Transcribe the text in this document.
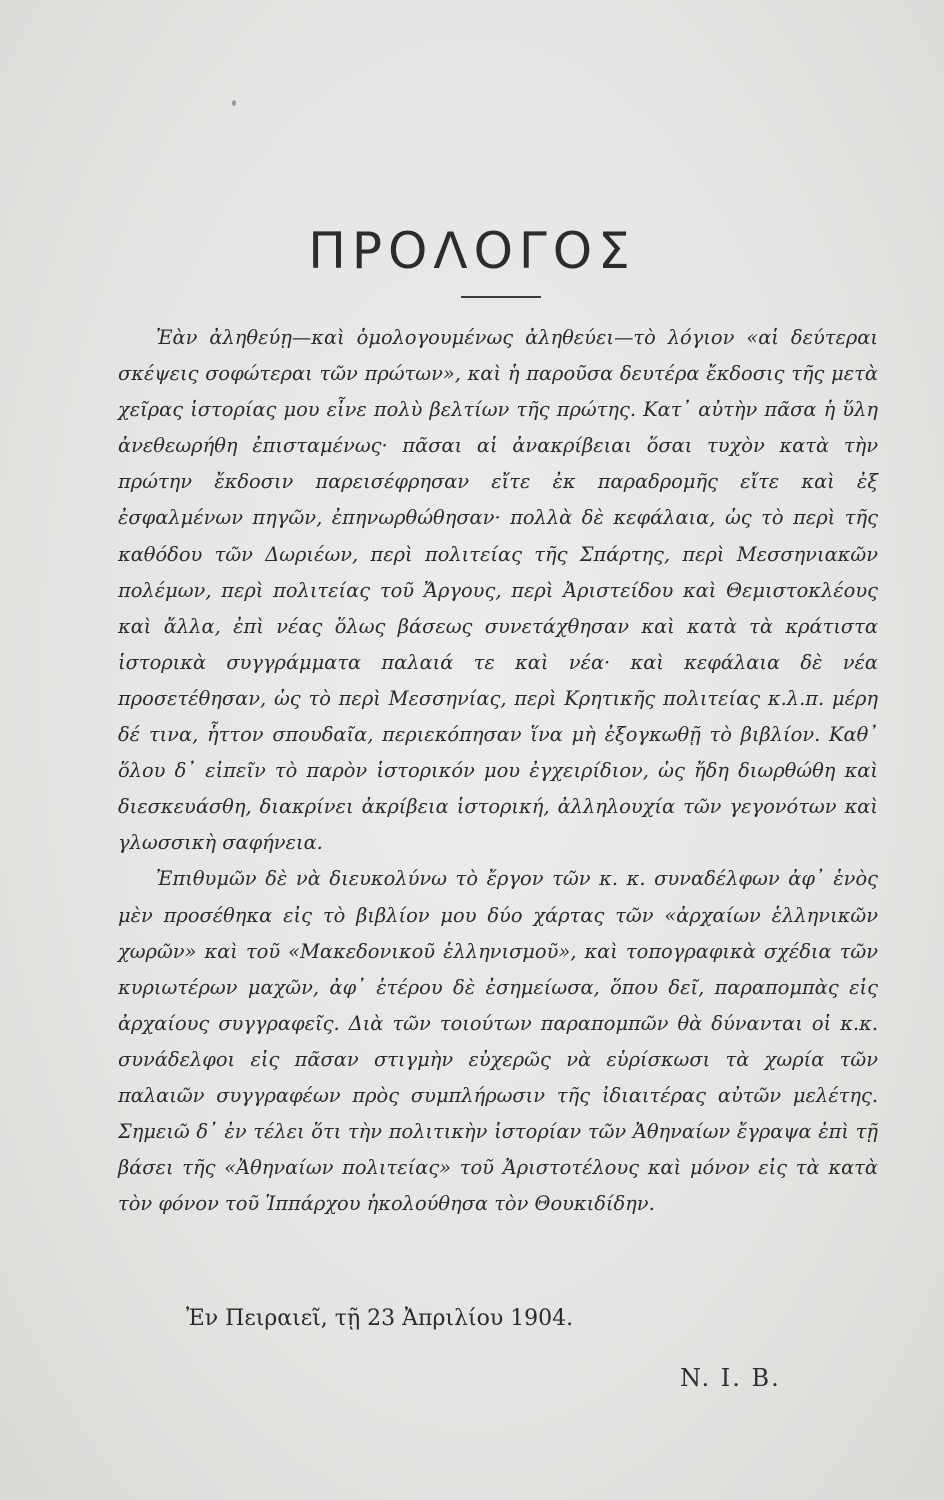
ΠΡΟΛΟΓΟΣ

Ἐὰν ἀληθεύῃ—καὶ ὁμολογουμένως ἀληθεύει—τὸ λόγιον «αἱ δεύτεραι σκέψεις σοφώτεραι τῶν πρώτων», καὶ ἡ παροῦσα δευτέρα ἔκδοσις τῆς μετὰ χεῖρας ἱστορίας μου εἶνε πολὺ βελτίων τῆς πρώτης. Κατ᾽ αὐτὴν πᾶσα ἡ ὕλη ἀνεθεωρήθη ἐπισταμένως· πᾶσαι αἱ ἀνακρίβειαι ὅσαι τυχὸν κατὰ τὴν πρώτην ἔκδοσιν παρεισέφρησαν εἴτε ἐκ παραδρομῆς εἴτε καὶ ἐξ ἐσφαλμένων πηγῶν, ἐπηνωρθώθησαν· πολλὰ δὲ κεφάλαια, ὡς τὸ περὶ τῆς καθόδου τῶν Δωριέων, περὶ πολιτείας τῆς Σπάρτης, περὶ Μεσσηνιακῶν πολέμων, περὶ πολιτείας τοῦ Ἄργους, περὶ Ἀριστείδου καὶ Θεμιστοκλέους καὶ ἄλλα, ἐπὶ νέας ὅλως βάσεως συνετάχθησαν καὶ κατὰ τὰ κράτιστα ἱστορικὰ συγγράμματα παλαιά τε καὶ νέα· καὶ κεφάλαια δὲ νέα προσετέθησαν, ὡς τὸ περὶ Μεσσηνίας, περὶ Κρητικῆς πολιτείας κ.λ.π. μέρη δέ τινα, ἧττον σπουδαῖα, περιεκόπησαν ἵνα μὴ ἐξογκωθῇ τὸ βιβλίον. Καθ᾽ ὅλου δ᾽ εἰπεῖν τὸ παρὸν ἱστορικόν μου ἐγχειρίδιον, ὡς ἤδη διωρθώθη καὶ διεσκευάσθη, διακρίνει ἀκρίβεια ἱστορική, ἀλληλουχία τῶν γεγονότων καὶ γλωσσικὴ σαφήνεια.

Ἐπιθυμῶν δὲ νὰ διευκολύνω τὸ ἔργον τῶν κ. κ. συναδέλφων ἀφ᾽ ἑνὸς μὲν προσέθηκα εἰς τὸ βιβλίον μου δύο χάρτας τῶν «ἀρχαίων ἑλληνικῶν χωρῶν» καὶ τοῦ «Μακεδονικοῦ ἑλληνισμοῦ», καὶ τοπογραφικὰ σχέδια τῶν κυριωτέρων μαχῶν, ἀφ᾽ ἑτέρου δὲ ἐσημείωσα, ὅπου δεῖ, παραπομπὰς εἰς ἀρχαίους συγγραφεῖς. Διὰ τῶν τοιούτων παραπομπῶν θὰ δύνανται οἱ κ.κ. συνάδελφοι εἰς πᾶσαν στιγμὴν εὐχερῶς νὰ εὑρίσκωσι τὰ χωρία τῶν παλαιῶν συγγραφέων πρὸς συμπλήρωσιν τῆς ἰδιαιτέρας αὐτῶν μελέτης. Σημειῶ δ᾽ ἐν τέλει ὅτι τὴν πολιτικὴν ἱστορίαν τῶν Ἀθηναίων ἔγραψα ἐπὶ τῇ βάσει τῆς «Ἀθηναίων πολιτείας» τοῦ Ἀριστοτέλους καὶ μόνον εἰς τὰ κατὰ τὸν φόνον τοῦ Ἱππάρχου ἠκολούθησα τὸν Θουκιδίδην.

Ἐν Πειραιεῖ, τῇ 23 Ἀπριλίου 1904.
N. I. B.
